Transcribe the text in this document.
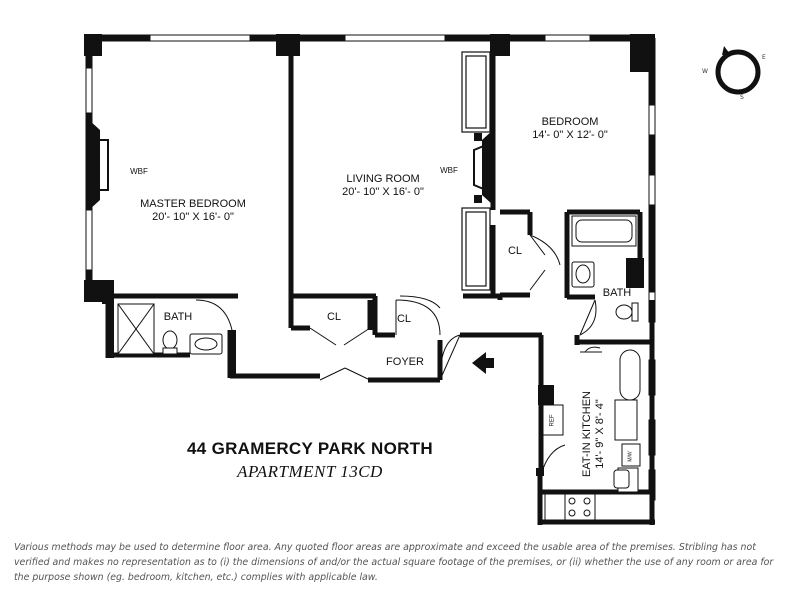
MASTER BEDROOM
20'- 10" X 16'- 0"
LIVING ROOM
20'- 10" X 16'- 0"
BEDROOM
14'- 0" X 12'- 0"
FOYER
BATH
BATH
CL	CL
CL
EAT-IN KITCHEN 14'- 9" X 8'- 4"
WBF	WBF
REF
M/W
E
S
W
44 GRAMERCY PARK NORTH
APARTMENT 13CD
Various methods may be used to determine floor area. Any quoted floor areas are approximate and exceed the usable area of the premises. Stribling has not verified and makes no representation as to (i) the dimensions of and/or the actual square footage of the premises, or (ii) whether the use of any room or area for the purpose shown (eg. bedroom, kitchen, etc.) complies with applicable law.
